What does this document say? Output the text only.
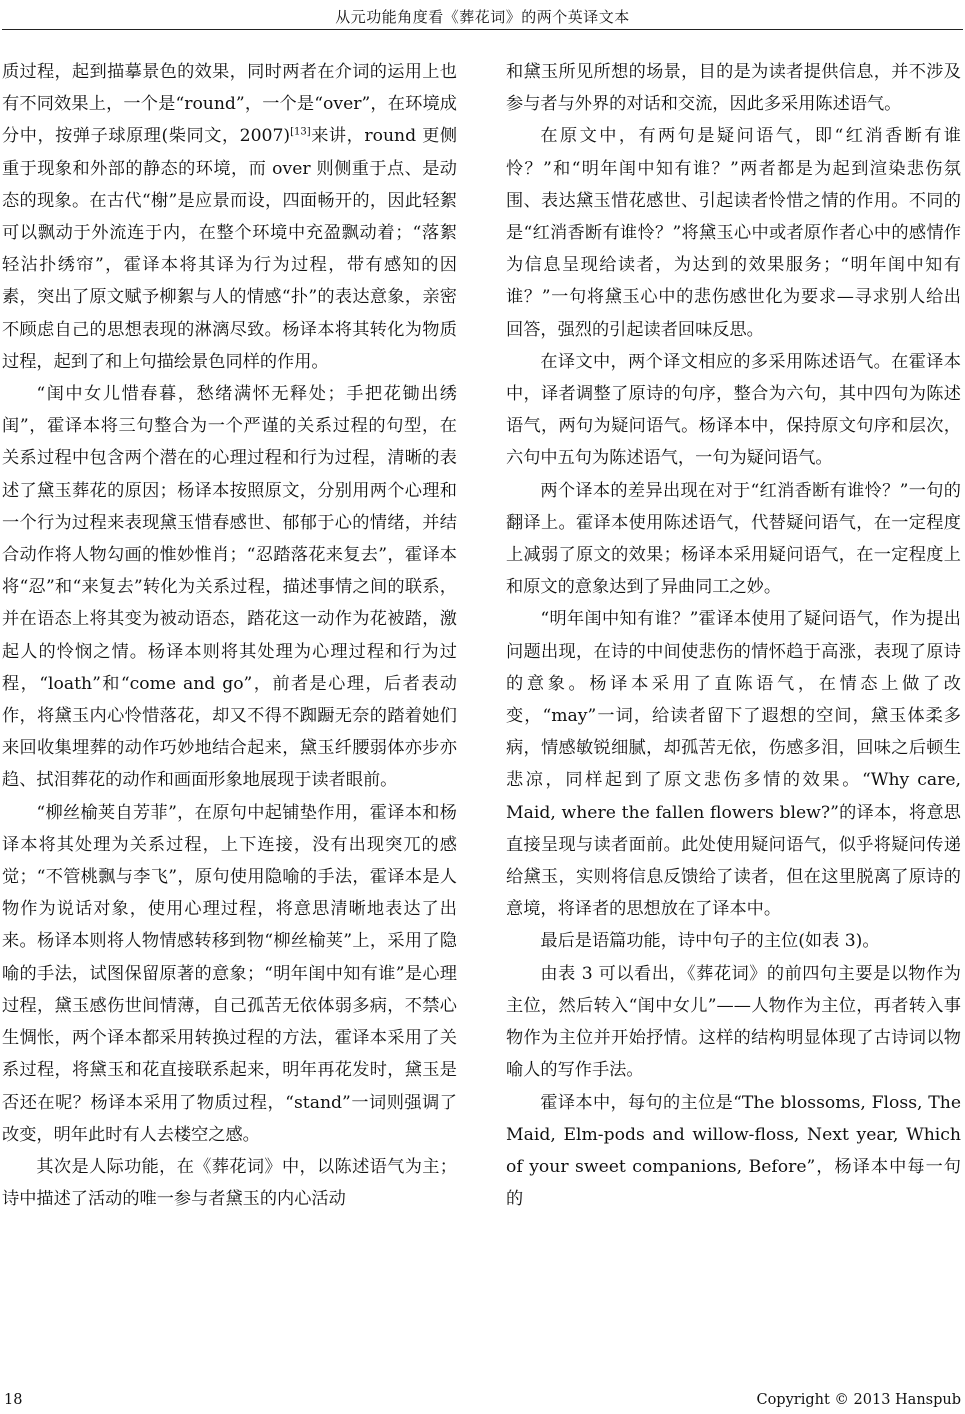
从元功能角度看《葬花词》的两个英译文本

质过程，起到描摹景色的效果，同时两者在介词的运用上也有不同效果上，一个是“round”，一个是“over”，在环境成分中，按弹子球原理(柴同文，2007)[13]来讲，round 更侧重于现象和外部的静态的环境，而 over 则侧重于点、是动态的现象。在古代“榭”是应景而设，四面畅开的，因此轻絮可以飘动于外流连于内，在整个环境中充盈飘动着；“落絮轻沾扑绣帘”，霍译本将其译为行为过程，带有感知的因素，突出了原文赋予柳絮与人的情感“扑”的表达意象，亲密不顾虑自己的思想表现的淋漓尽致。杨译本将其转化为物质过程，起到了和上句描绘景色同样的作用。

“闺中女儿惜春暮，愁绪满怀无释处；手把花锄出绣闺”，霍译本将三句整合为一个严谨的关系过程的句型，在关系过程中包含两个潜在的心理过程和行为过程，清晰的表述了黛玉葬花的原因；杨译本按照原文，分别用两个心理和一个行为过程来表现黛玉惜春感世、郁郁于心的情绪，并结合动作将人物勾画的惟妙惟肖；“忍踏落花来复去”，霍译本将“忍”和“来复去”转化为关系过程，描述事情之间的联系，并在语态上将其变为被动语态，踏花这一动作为花被踏，激起人的怜悯之情。杨译本则将其处理为心理过程和行为过程，“loath”和“come and go”，前者是心理，后者表动作，将黛玉内心怜惜落花，却又不得不踟蹰无奈的踏着她们来回收集埋葬的动作巧妙地结合起来，黛玉纤腰弱体亦步亦趋、拭泪葬花的动作和画面形象地展现于读者眼前。

“柳丝榆荚自芳菲”，在原句中起铺垫作用，霍译本和杨译本将其处理为关系过程，上下连接，没有出现突兀的感觉；“不管桃飘与李飞”，原句使用隐喻的手法，霍译本是人物作为说话对象，使用心理过程，将意思清晰地表达了出来。杨译本则将人物情感转移到物“柳丝榆荚”上，采用了隐喻的手法，试图保留原著的意象；“明年闺中知有谁”是心理过程，黛玉感伤世间情薄，自己孤苦无依体弱多病，不禁心生惆怅，两个译本都采用转换过程的方法，霍译本采用了关系过程，将黛玉和花直接联系起来，明年再花发时，黛玉是否还在呢？杨译本采用了物质过程，“stand”一词则强调了改变，明年此时有人去楼空之感。

其次是人际功能，在《葬花词》中，以陈述语气为主；诗中描述了活动的唯一参与者黛玉的内心活动

和黛玉所见所想的场景，目的是为读者提供信息，并不涉及参与者与外界的对话和交流，因此多采用陈述语气。

在原文中，有两句是疑问语气，即“红消香断有谁怜？”和“明年闺中知有谁？”两者都是为起到渲染悲伤氛围、表达黛玉惜花感世、引起读者怜惜之情的作用。不同的是“红消香断有谁怜？”将黛玉心中或者原作者心中的感情作为信息呈现给读者，为达到的效果服务；“明年闺中知有谁？”一句将黛玉心中的悲伤感世化为要求—寻求别人给出回答，强烈的引起读者回味反思。

在译文中，两个译文相应的多采用陈述语气。在霍译本中，译者调整了原诗的句序，整合为六句，其中四句为陈述语气，两句为疑问语气。杨译本中，保持原文句序和层次，六句中五句为陈述语气，一句为疑问语气。

两个译本的差异出现在对于“红消香断有谁怜？”一句的翻译上。霍译本使用陈述语气，代替疑问语气，在一定程度上减弱了原文的效果；杨译本采用疑问语气，在一定程度上和原文的意象达到了异曲同工之妙。

“明年闺中知有谁？”霍译本使用了疑问语气，作为提出问题出现，在诗的中间使悲伤的情怀趋于高涨，表现了原诗的意象。杨译本采用了直陈语气，在情态上做了改变，“may”一词，给读者留下了遐想的空间，黛玉体柔多病，情感敏锐细腻，却孤苦无依，伤感多泪，回味之后顿生悲凉，同样起到了原文悲伤多情的效果。“Why care, Maid, where the fallen flowers blew?”的译本，将意思直接呈现与读者面前。此处使用疑问语气，似乎将疑问传递给黛玉，实则将信息反馈给了读者，但在这里脱离了原诗的意境，将译者的思想放在了译本中。

最后是语篇功能，诗中句子的主位(如表 3)。

由表 3 可以看出，《葬花词》的前四句主要是以物作为主位，然后转入“闺中女儿”——人物作为主位，再者转入事物作为主位并开始抒情。这样的结构明显体现了古诗词以物喻人的写作手法。

霍译本中，每句的主位是“The blossoms, Floss, The Maid, Elm-pods and willow-floss, Next year, Which of your sweet companions, Before”，杨译本中每一句的

18	Copyright © 2013 Hanspub
